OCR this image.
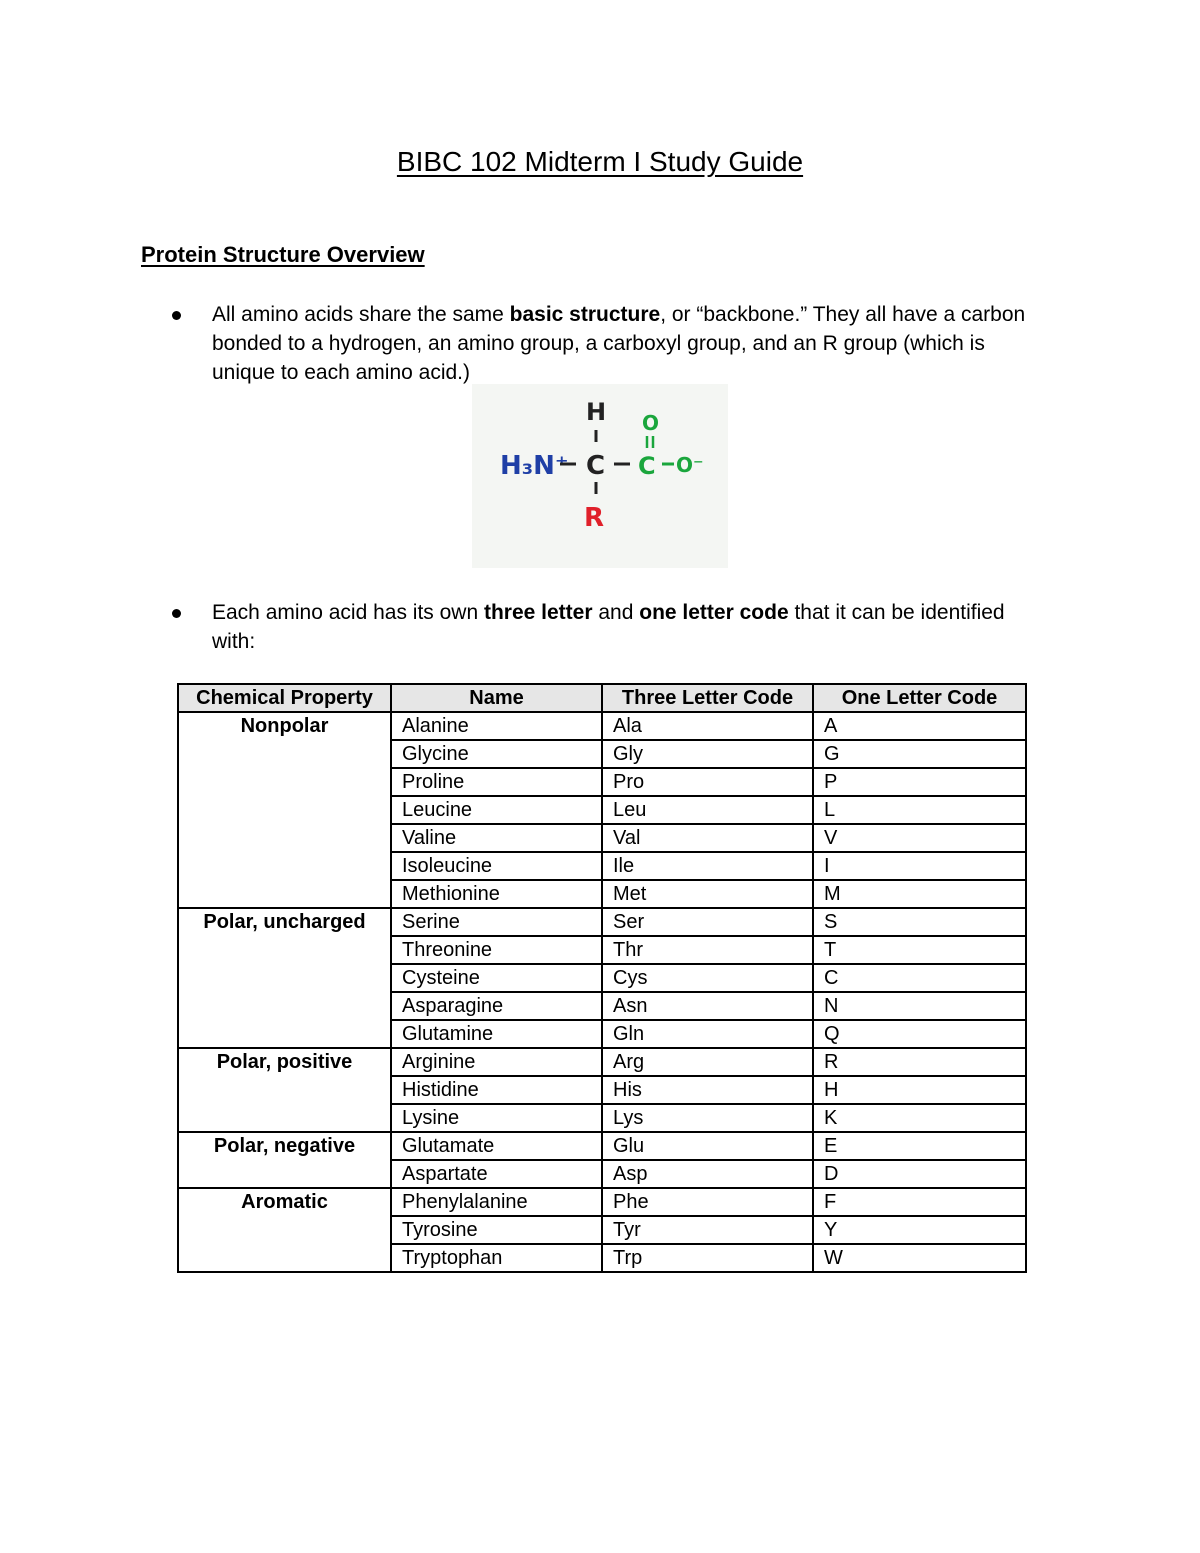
BIBC 102 Midterm I Study Guide
Protein Structure Overview
All amino acids share the same basic structure, or “backbone.” They all have a carbon bonded to a hydrogen, an amino group, a carboxyl group, and an R group (which is unique to each amino acid.)
H₃N⁺
H
C
R
O
C O⁻
Each amino acid has its own three letter and one letter code that it can be identified with:
Chemical Property	Name	Three Letter Code	One Letter Code
Nonpolar	Alanine	Ala	A
	Glycine	Gly	G
	Proline	Pro	P
	Leucine	Leu	L
	Valine	Val	V
	Isoleucine	Ile	I
	Methionine	Met	M
Polar, uncharged	Serine	Ser	S
	Threonine	Thr	T
	Cysteine	Cys	C
	Asparagine	Asn	N
	Glutamine	Gln	Q
Polar, positive	Arginine	Arg	R
	Histidine	His	H
	Lysine	Lys	K
Polar, negative	Glutamate	Glu	E
	Aspartate	Asp	D
Aromatic	Phenylalanine	Phe	F
	Tyrosine	Tyr	Y
	Tryptophan	Trp	W
